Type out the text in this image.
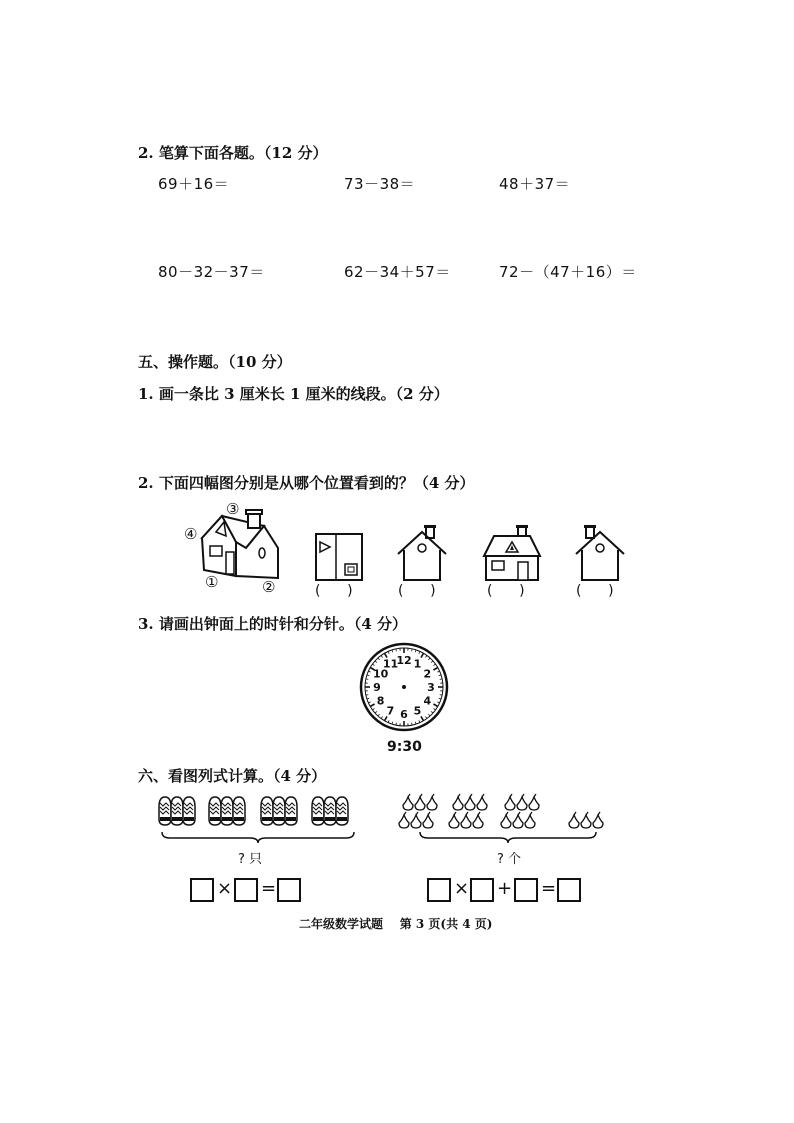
2. 笔算下面各题。（12 分）
69＋16＝	73－38＝	48＋37＝
80－32－37＝	62－34＋57＝	72－（47＋16）＝
五、操作题。（10 分）
1. 画一条比 3 厘米长 1 厘米的线段。（2 分）
2. 下面四幅图分别是从哪个位置看到的？（4 分）
③
④
①	②	(      )	(      )	(      )	(      )
3. 请画出钟面上的时针和分针。（4 分）
12 1
2
3
4
5
6
7
8
9
10
11
9:30
六、看图列式计算。（4 分）
? 只	? 个
× =	× + =
二年级数学试题    第 3 页(共 4 页)
